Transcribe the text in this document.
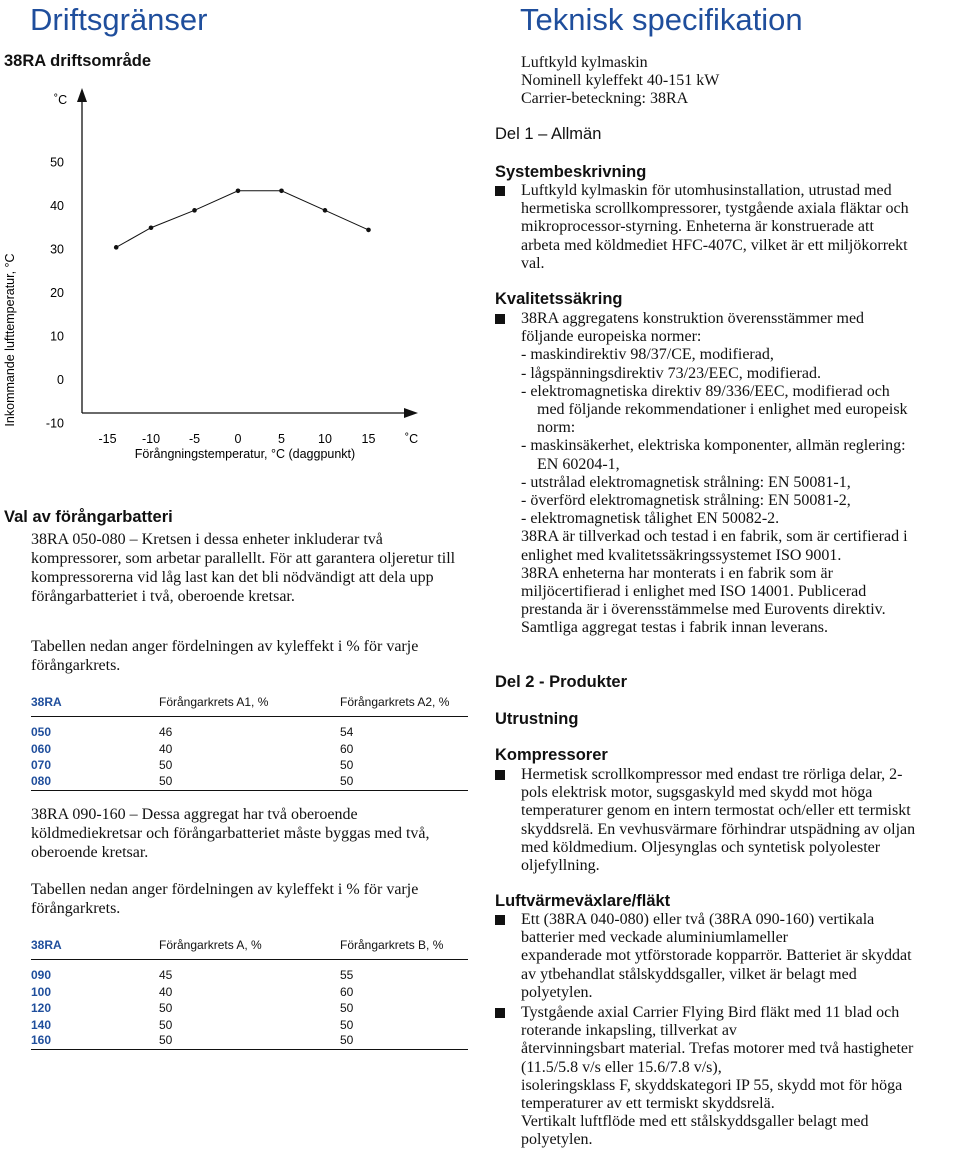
Driftsgränser
38RA driftsområde
Inkommande lufttemperatur, °C
˚C
50
40
30
20
10
0
-10
-15 -10 -5	0	5	10 15 ˚C
Förångningstemperatur, °C (daggpunkt)
Val av förångarbatteri

38RA 050-080 – Kretsen i dessa enheter inkluderar två kompressorer, som arbetar parallellt. För att garantera oljeretur till kompressorerna vid låg last kan det bli nödvändigt att dela upp förångarbatteriet i två, oberoende kretsar.

Tabellen nedan anger fördelningen av kyleffekt i % för varje förångarkrets.

38RA	Förångarkrets A1, %	Förångarkrets A2, %

050	46	54
060	40	60
070	50	50
080	50	50

38RA 090-160 – Dessa aggregat har två oberoende köldmediekretsar och förångarbatteriet måste byggas med två, oberoende kretsar.

Tabellen nedan anger fördelningen av kyleffekt i % för varje förångarkrets.

38RA	Förångarkrets A, %	Förångarkrets B, %

090	45	55
100	40	60
120	50	50
140	50	50
160	50	50
Teknisk specifikation
Luftkyld kylmaskin
Nominell kyleffekt 40-151 kW
Carrier-beteckning: 38RA
Del 1 – Allmän
Systembeskrivning
Luftkyld kylmaskin för utomhusinstallation, utrustad med
hermetiska scrollkompressorer, tystgående axiala fläktar och
mikroprocessor-styrning. Enheterna är konstruerade att
arbeta med köldmediet HFC-407C, vilket är ett miljökorrekt
val.
Kvalitetssäkring
38RA aggregatens konstruktion överensstämmer med
följande europeiska normer:
- maskindirektiv 98/37/CE, modifierad,
- lågspänningsdirektiv 73/23/EEC, modifierad.
- elektromagnetiska direktiv 89/336/EEC, modifierad och
med följande rekommendationer i enlighet med europeisk
norm:
- maskinsäkerhet, elektriska komponenter, allmän reglering:
EN 60204-1,
- utstrålad elektromagnetisk strålning: EN 50081-1,
- överförd elektromagnetisk strålning: EN 50081-2,
- elektromagnetisk tålighet EN 50082-2.
38RA är tillverkad och testad i en fabrik, som är certifierad i
enlighet med kvalitetssäkringssystemet ISO 9001.
38RA enheterna har monterats i en fabrik som är
miljöcertifierad i enlighet med ISO 14001. Publicerad
prestanda är i överensstämmelse med Eurovents direktiv.
Samtliga aggregat testas i fabrik innan leverans.
Del 2 - Produkter
Utrustning
Kompressorer
Hermetisk scrollkompressor med endast tre rörliga delar, 2-
pols elektrisk motor, sugsgaskyld med skydd mot höga
temperaturer genom en intern termostat och/eller ett termiskt
skyddsrelä. En vevhusvärmare förhindrar utspädning av oljan
med köldmedium. Oljesynglas och syntetisk polyolester
oljefyllning.
Luftvärmeväxlare/fläkt
Ett (38RA 040-080) eller två (38RA 090-160) vertikala
batterier med veckade aluminiumlameller
expanderade mot ytförstorade kopparrör. Batteriet är skyddat
av ytbehandlat stålskyddsgaller, vilket är belagt med
polyetylen.
Tystgående axial Carrier Flying Bird fläkt med 11 blad och
roterande inkapsling, tillverkat av
återvinningsbart material. Trefas motorer med två hastigheter
(11.5/5.8 v/s eller 15.6/7.8 v/s),
isoleringsklass F, skyddskategori IP 55, skydd mot för höga
temperaturer av ett termiskt skyddsrelä.
Vertikalt luftflöde med ett stålskyddsgaller belagt med
polyetylen.
